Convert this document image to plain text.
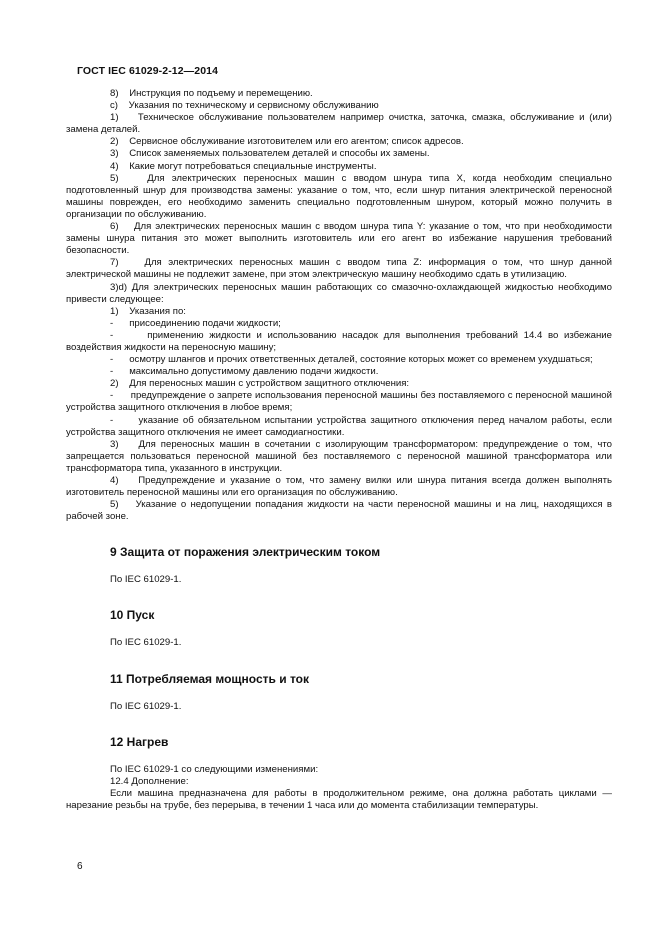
ГОСТ IEC 61029-2-12—2014

8)    Инструкция по подъему и перемещению.

c)    Указания по техническому и сервисному обслуживанию

1)    Техническое обслуживание пользователем например очистка, заточка, смазка, обслуживание и (или) замена деталей.

2)    Сервисное обслуживание изготовителем или его агентом; список адресов.

3)    Список заменяемых пользователем деталей и способы их замены.

4)    Какие могут потребоваться специальные инструменты.

5)    Для электрических переносных машин с вводом шнура типа X, когда необходим специально подготовленный шнур для производства замены: указание о том, что, если шнур питания электрической переносной машины поврежден, его необходимо заменить специально подготовленным шнуром, который можно получить в организации по обслуживанию.

6)    Для электрических переносных машин с вводом шнура типа Y: указание о том, что при необходимости замены шнура питания это может выполнить изготовитель или его агент во избежание нарушения требований безопасности.

7)    Для электрических переносных машин с вводом типа Z: информация о том, что шнур данной электрической машины не подлежит замене, при этом электрическую машину необходимо сдать в утилизацию.

3)d) Для электрических переносных машин работающих со смазочно-охлаждающей жидкостью необходимо привести следующее:

1)    Указания по:

-      присоединению подачи жидкости;

-      применению жидкости и использованию насадок для выполнения требований 14.4 во избежание воздействия жидкости на переносную машину;

-      осмотру шлангов и прочих ответственных деталей, состояние которых может со временем ухудшаться;

-      максимально допустимому давлению подачи жидкости.

2)    Для переносных машин с устройством защитного отключения:

-      предупреждение о запрете использования переносной машины без поставляемого с переносной машиной устройства защитного отключения в любое время;

-      указание об обязательном испытании устройства защитного отключения перед началом работы, если устройства защитного отключения не имеет самодиагностики.

3)    Для переносных машин в сочетании с изолирующим трансформатором: предупреждение о том, что запрещается пользоваться переносной машиной без поставляемого с переносной машиной трансформатора или трансформатора типа, указанного в инструкции.

4)    Предупреждение и указание о том, что замену вилки или шнура питания всегда должен выполнять изготовитель переносной машины или его организация по обслуживанию.

5)    Указание о недопущении попадания жидкости на части переносной машины и на лиц, находящихся в рабочей зоне.

9 Защита от поражения электрическим током

По IEC 61029-1.

10 Пуск

По IEC 61029-1.

11 Потребляемая мощность и ток

По IEC 61029-1.

12 Нагрев

По IEC 61029-1 со следующими изменениями:

12.4 Дополнение:

Если машина предназначена для работы в продолжительном режиме, она должна работать циклами — нарезание резьбы на трубе, без перерыва, в течении 1 часа или до момента стабилизации температуры.

6
